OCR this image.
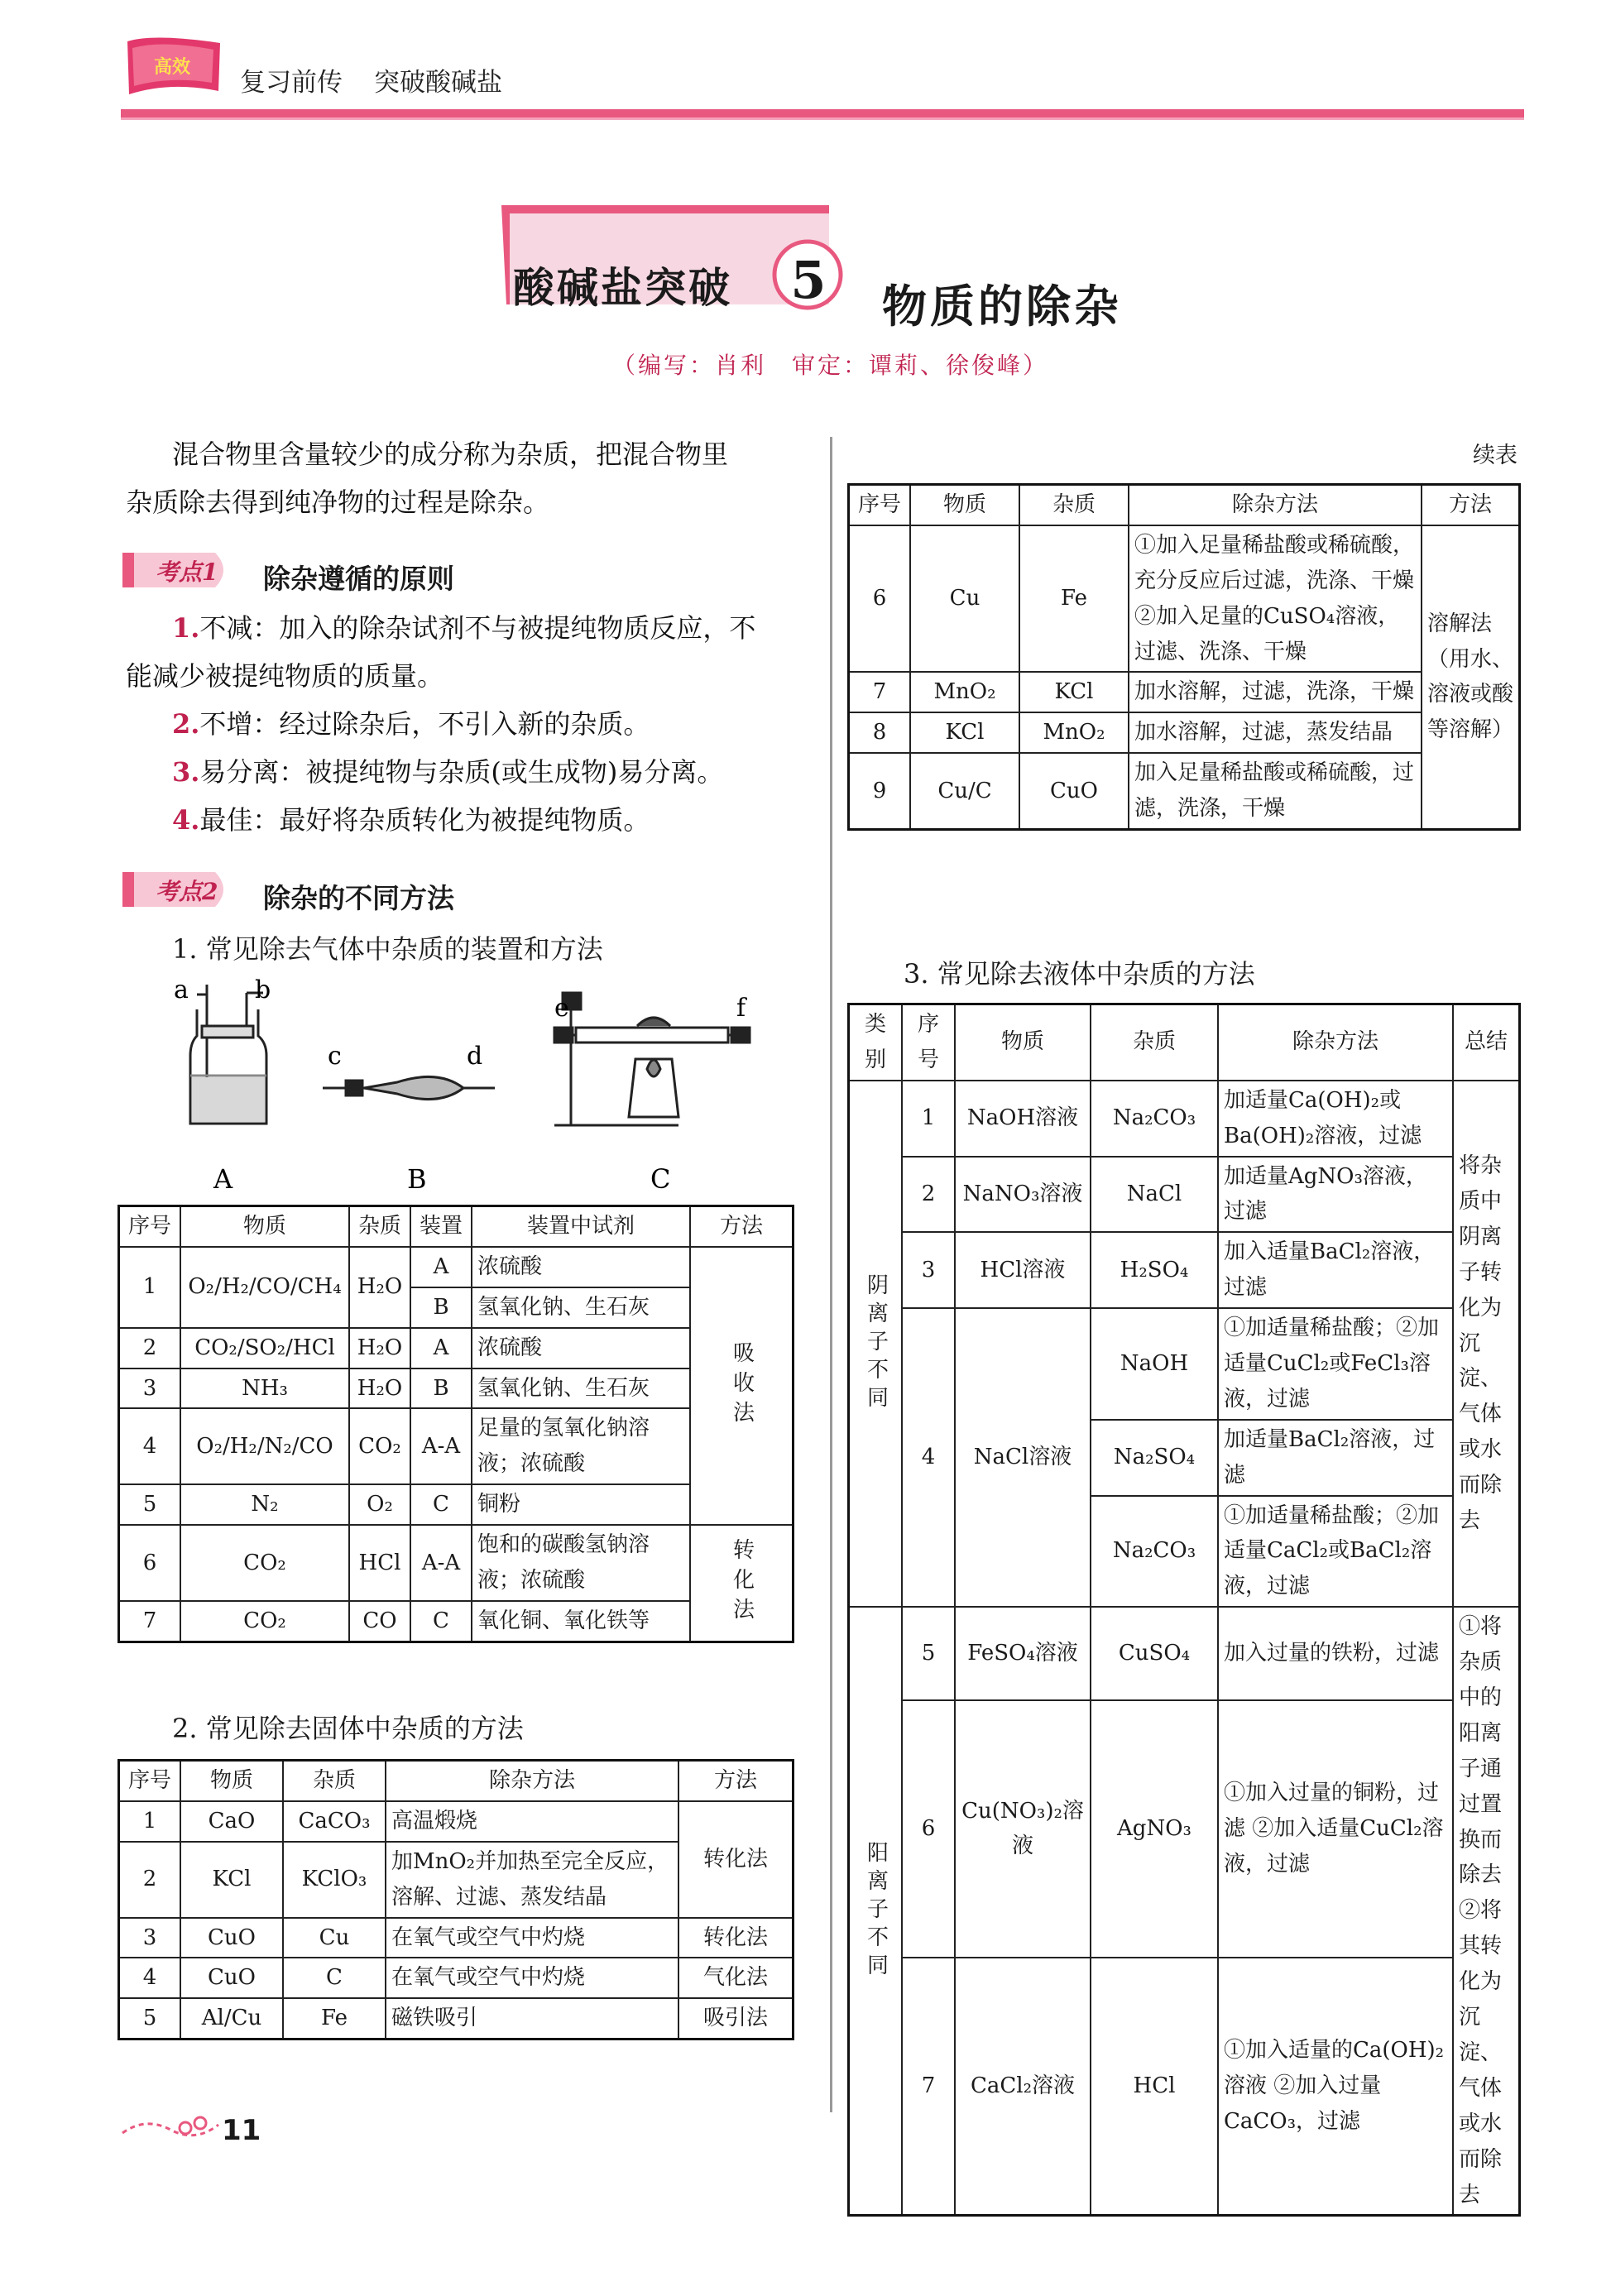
高效
复习前传 突破酸碱盐
酸碱盐突破 5 物质的除杂
（编写：肖利　审定：谭莉、徐俊峰）
混合物里含量较少的成分称为杂质，把混合物里
杂质除去得到纯净物的过程是除杂。
考点1 除杂遵循的原则
1.不减：加入的除杂试剂不与被提纯物质反应，不
能减少被提纯物质的质量。
2.不增：经过除杂后，不引入新的杂质。
3.易分离：被提纯物与杂质(或生成物)易分离。
4.最佳：最好将杂质转化为被提纯物质。
考点2 除杂的不同方法
1. 常见除去气体中杂质的装置和方法
a	b
A
c	d
B
e	f
C
序号	物质	杂质	装置	装置中试剂	方法
1	O₂/H₂/CO/CH₄	H₂O	A	浓硫酸	吸收法
			B	氢氧化钠、生石灰	
2	CO₂/SO₂/HCl	H₂O	A	浓硫酸	
3	NH₃	H₂O	B	氢氧化钠、生石灰	
4	O₂/H₂/N₂/CO	CO₂	A-A	足量的氢氧化钠溶液；浓硫酸	
5	N₂	O₂	C	铜粉	
6	CO₂	HCl	A-A	饱和的碳酸氢钠溶液；浓硫酸	转化法
7	CO₂	CO	C	氧化铜、氧化铁等	
2. 常见除去固体中杂质的方法
序号	物质	杂质	除杂方法	方法
1	CaO	CaCO₃	高温煅烧	转化法
2	KCl	KClO₃	加MnO₂并加热至完全反应，溶解、过滤、蒸发结晶	
3	CuO	Cu	在氧气或空气中灼烧	转化法
4	CuO	C	在氧气或空气中灼烧	气化法
5	Al/Cu	Fe	磁铁吸引	吸引法
续表
序号	物质	杂质	除杂方法	方法
6	Cu	Fe	①加入足量稀盐酸或稀硫酸，充分反应后过滤，洗涤、干燥 ②加入足量的CuSO₄溶液，过滤、洗涤、干燥	溶解法（用水、溶液或酸等溶解）
7	MnO₂	KCl	加水溶解，过滤，洗涤，干燥	
8	KCl	MnO₂	加水溶解，过滤，蒸发结晶	
9	Cu/C	CuO	加入足量稀盐酸或稀硫酸，过滤，洗涤，干燥	
3. 常见除去液体中杂质的方法
类别	序号	物质	杂质	除杂方法	总结
阴离子不同	1	NaOH溶液	Na₂CO₃	加适量Ca(OH)₂或Ba(OH)₂溶液，过滤	将杂质中阴离子转化为沉淀、气体或水而除去
	2	NaNO₃溶液	NaCl	加适量AgNO₃溶液，过滤	
	3	HCl溶液	H₂SO₄	加入适量BaCl₂溶液，过滤	
	4	NaCl溶液	NaOH	①加适量稀盐酸；②加适量CuCl₂或FeCl₃溶液，过滤	
			Na₂SO₄	加适量BaCl₂溶液，过滤	
			Na₂CO₃	①加适量稀盐酸；②加适量CaCl₂或BaCl₂溶液，过滤	
阳离子不同	5	FeSO₄溶液	CuSO₄	加入过量的铁粉，过滤	①将杂质中的阳离子通过置换而除去 ②将其转化为沉淀、气体或水而除去
	6	Cu(NO₃)₂溶液	AgNO₃	①加入过量的铜粉，过滤 ②加入适量CuCl₂溶液，过滤	
	7	CaCl₂溶液	HCl	①加入适量的Ca(OH)₂溶液 ②加入过量CaCO₃，过滤	
11
